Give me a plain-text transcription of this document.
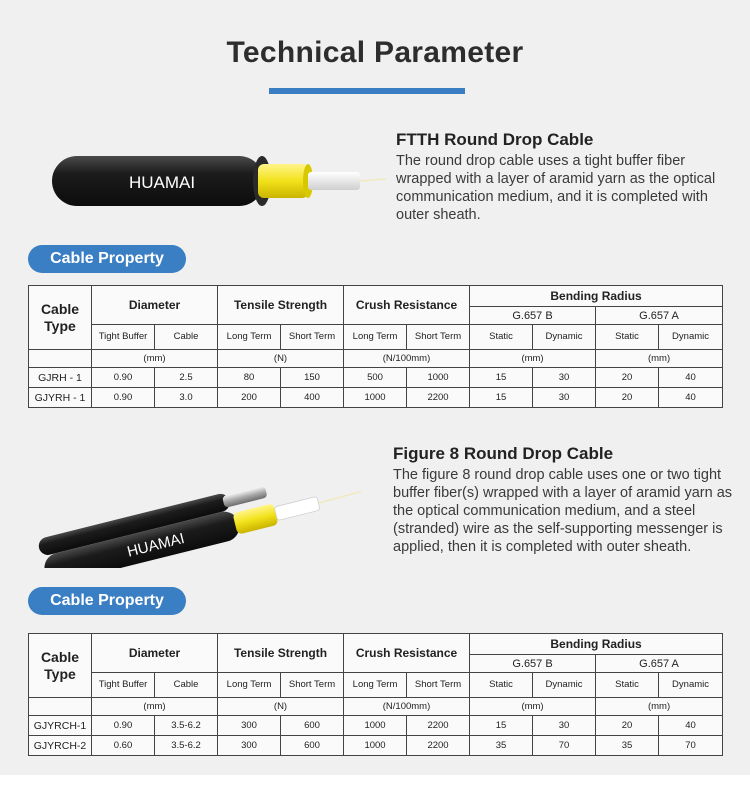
Technical Parameter
HUAMAI

FTTH Round Drop Cable

The round drop cable uses a tight buffer fiber wrapped with a layer of aramid yarn as the optical communication medium, and it is completed with outer sheath.

Cable Property
Cable Type	Diameter		Tensile Strength		Crush Resistance		Bending Radius			
							G.657 B		G.657 A	
	Tight Buffer	Cable	Long Term	Short Term	Long Term	Short Term	Static	Dynamic	Static	Dynamic
	(mm)		(N)		(N/100mm)		(mm)		(mm)	
GJRH - 1	0.90	2.5	80	150	500	1000	15	30	20	40
GJYRH - 1	0.90	3.0	200	400	1000	2200	15	30	20	40
HUAMAI

Figure 8 Round Drop Cable

The figure 8 round drop cable uses one or two tight buffer fiber(s) wrapped with a layer of aramid yarn as the optical communication medium, and a steel (stranded) wire as the self-supporting messenger is applied, then it is completed with outer sheath.

Cable Property
Cable Type	Diameter		Tensile Strength		Crush Resistance		Bending Radius			
							G.657 B		G.657 A	
	Tight Buffer	Cable	Long Term	Short Term	Long Term	Short Term	Static	Dynamic	Static	Dynamic
	(mm)		(N)		(N/100mm)		(mm)		(mm)	
GJYRCH-1	0.90	3.5-6.2	300	600	1000	2200	15	30	20	40
GJYRCH-2	0.60	3.5-6.2	300	600	1000	2200	35	70	35	70
